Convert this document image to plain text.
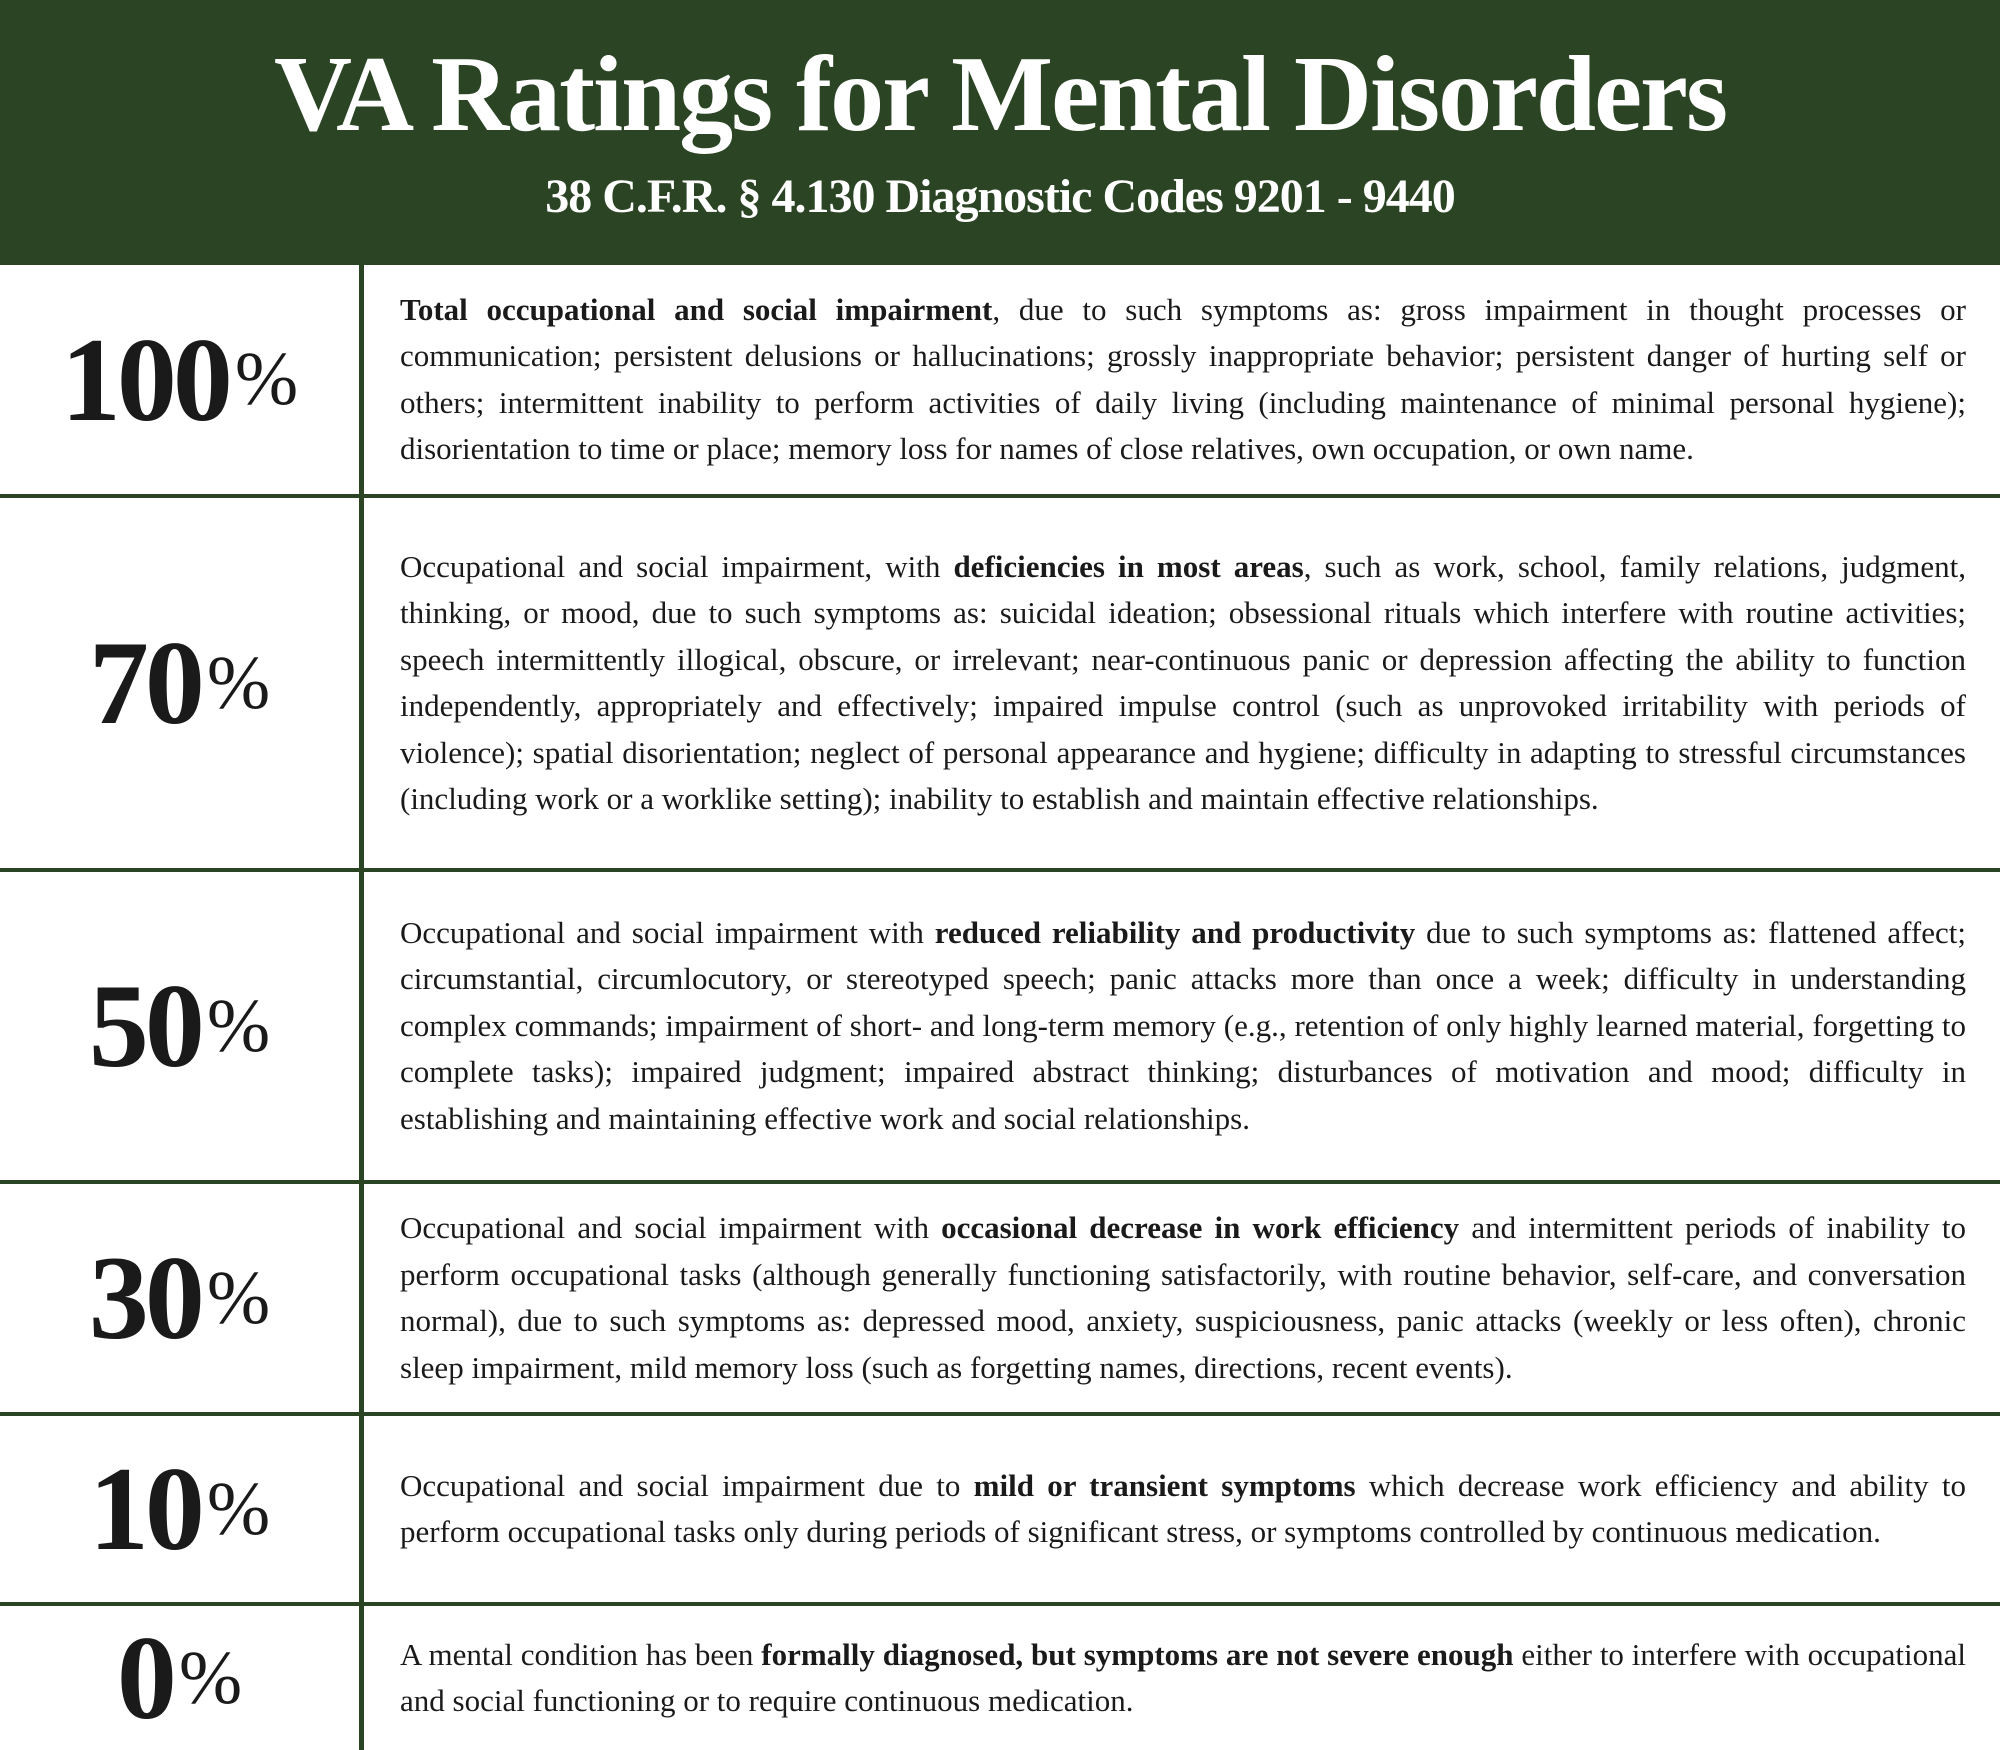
VA Ratings for Mental Disorders
38 C.F.R. § 4.130 Diagnostic Codes 9201 - 9440
100 %

Total occupational and social impairment, due to such symptoms as: gross impairment in thought processes or communication; persistent delusions or hallucinations; grossly inappropriate behavior; persistent danger of hurting self or others; intermittent inability to perform activities of daily living (including maintenance of minimal personal hygiene); disorientation to time or place; memory loss for names of close relatives, own occupation, or own name.

70 %

Occupational and social impairment, with deficiencies in most areas, such as work, school, family relations, judgment, thinking, or mood, due to such symptoms as: suicidal ideation; obsessional rituals which interfere with routine activities; speech intermittently illogical, obscure, or irrelevant; near-continuous panic or depression affecting the ability to function independently, appropriately and effectively; impaired impulse control (such as unprovoked irritability with periods of violence); spatial disorientation; neglect of personal appearance and hygiene; difficulty in adapting to stressful circumstances (including work or a worklike setting); inability to establish and maintain effective relationships.

50 %

Occupational and social impairment with reduced reliability and productivity due to such symptoms as: flattened affect; circumstantial, circumlocutory, or stereotyped speech; panic attacks more than once a week; difficulty in understanding complex commands; impairment of short- and long-term memory (e.g., retention of only highly learned material, forgetting to complete tasks); impaired judgment; impaired abstract thinking; disturbances of motivation and mood; difficulty in establishing and maintaining effective work and social relationships.

30 %

Occupational and social impairment with occasional decrease in work efficiency and intermittent periods of inability to perform occupational tasks (although generally functioning satisfactorily, with routine behavior, self-care, and conversation normal), due to such symptoms as: depressed mood, anxiety, suspiciousness, panic attacks (weekly or less often), chronic sleep impairment, mild memory loss (such as forgetting names, directions, recent events).

10 %	Occupational and social impairment due to mild or transient symptoms which decrease work efficiency and ability to perform occupational tasks only during periods of significant stress, or symptoms controlled by continuous medication.

0 %	A mental condition has been formally diagnosed, but symptoms are not severe enough either to interfere with occupational and social functioning or to require continuous medication.
